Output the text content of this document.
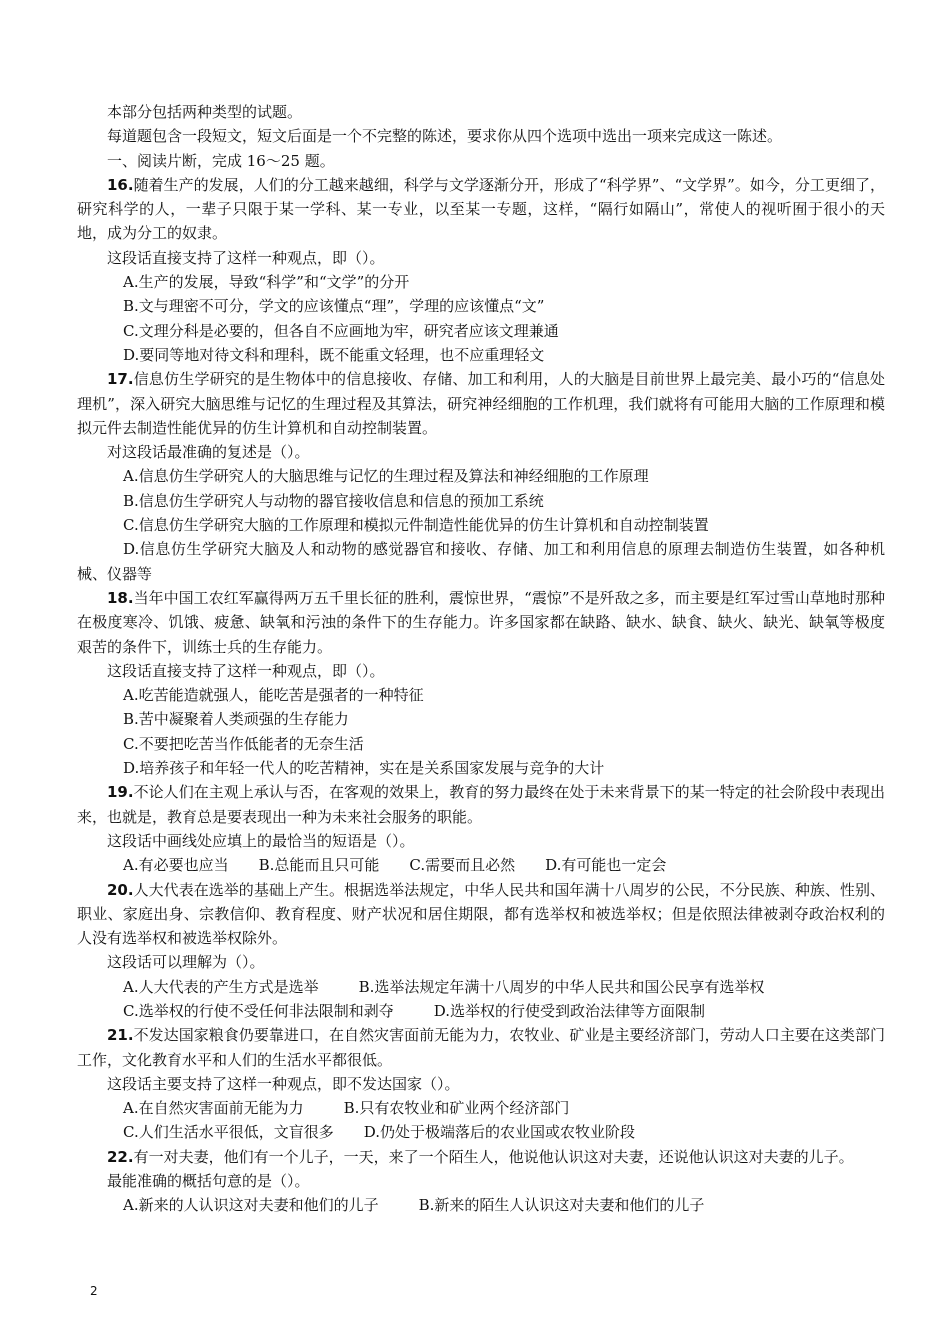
本部分包括两种类型的试题。

每道题包含一段短文，短文后面是一个不完整的陈述，要求你从四个选项中选出一项来完成这一陈述。

一、阅读片断，完成 16～25 题。

16.随着生产的发展，人们的分工越来越细，科学与文学逐渐分开，形成了“科学界”、“文学界”。如今，分工更细了，研究科学的人，一辈子只限于某一学科、某一专业，以至某一专题，这样，“隔行如隔山”，常使人的视听囿于很小的天地，成为分工的奴隶。

这段话直接支持了这样一种观点，即（）。

A.生产的发展，导致“科学”和“文学”的分开

B.文与理密不可分，学文的应该懂点“理”，学理的应该懂点“文”

C.文理分科是必要的，但各自不应画地为牢，研究者应该文理兼通

D.要同等地对待文科和理科，既不能重文轻理，也不应重理轻文

17.信息仿生学研究的是生物体中的信息接收、存储、加工和利用，人的大脑是目前世界上最完美、最小巧的“信息处理机”，深入研究大脑思维与记忆的生理过程及其算法，研究神经细胞的工作机理，我们就将有可能用大脑的工作原理和模拟元件去制造性能优异的仿生计算机和自动控制装置。

对这段话最准确的复述是（）。

A.信息仿生学研究人的大脑思维与记忆的生理过程及算法和神经细胞的工作原理

B.信息仿生学研究人与动物的器官接收信息和信息的预加工系统

C.信息仿生学研究大脑的工作原理和模拟元件制造性能优异的仿生计算机和自动控制装置

D.信息仿生学研究大脑及人和动物的感觉器官和接收、存储、加工和利用信息的原理去制造仿生装置，如各种机械、仪器等

18.当年中国工农红军赢得两万五千里长征的胜利，震惊世界，“震惊”不是歼敌之多，而主要是红军过雪山草地时那种在极度寒冷、饥饿、疲惫、缺氧和污浊的条件下的生存能力。许多国家都在缺路、缺水、缺食、缺火、缺光、缺氧等极度艰苦的条件下，训练士兵的生存能力。

这段话直接支持了这样一种观点，即（）。

A.吃苦能造就强人，能吃苦是强者的一种特征

B.苦中凝聚着人类顽强的生存能力

C.不要把吃苦当作低能者的无奈生活

D.培养孩子和年轻一代人的吃苦精神，实在是关系国家发展与竞争的大计

19.不论人们在主观上承认与否，在客观的效果上，教育的努力最终在处于未来背景下的某一特定的社会阶段中表现出来，也就是，教育总是要表现出一种为未来社会服务的职能。

这段话中画线处应填上的最恰当的短语是（）。

A.有必要也应当 B.总能而且只可能 C.需要而且必然 D.有可能也一定会

20.人大代表在选举的基础上产生。根据选举法规定，中华人民共和国年满十八周岁的公民，不分民族、种族、性别、职业、家庭出身、宗教信仰、教育程度、财产状况和居住期限，都有选举权和被选举权；但是依照法律被剥夺政治权利的人没有选举权和被选举权除外。

这段话可以理解为（）。

A.人大代表的产生方式是选举	B.选举法规定年满十八周岁的中华人民共和国公民享有选举权

C.选举权的行使不受任何非法限制和剥夺	D.选举权的行使受到政治法律等方面限制

21.不发达国家粮食仍要靠进口，在自然灾害面前无能为力，农牧业、矿业是主要经济部门，劳动人口主要在这类部门工作，文化教育水平和人们的生活水平都很低。

这段话主要支持了这样一种观点，即不发达国家（）。

A.在自然灾害面前无能为力	B.只有农牧业和矿业两个经济部门

C.人们生活水平很低，文盲很多 D.仍处于极端落后的农业国或农牧业阶段

22.有一对夫妻，他们有一个儿子，一天，来了一个陌生人，他说他认识这对夫妻，还说他认识这对夫妻的儿子。

最能准确的概括句意的是（）。

A.新来的人认识这对夫妻和他们的儿子	B.新来的陌生人认识这对夫妻和他们的儿子

2
